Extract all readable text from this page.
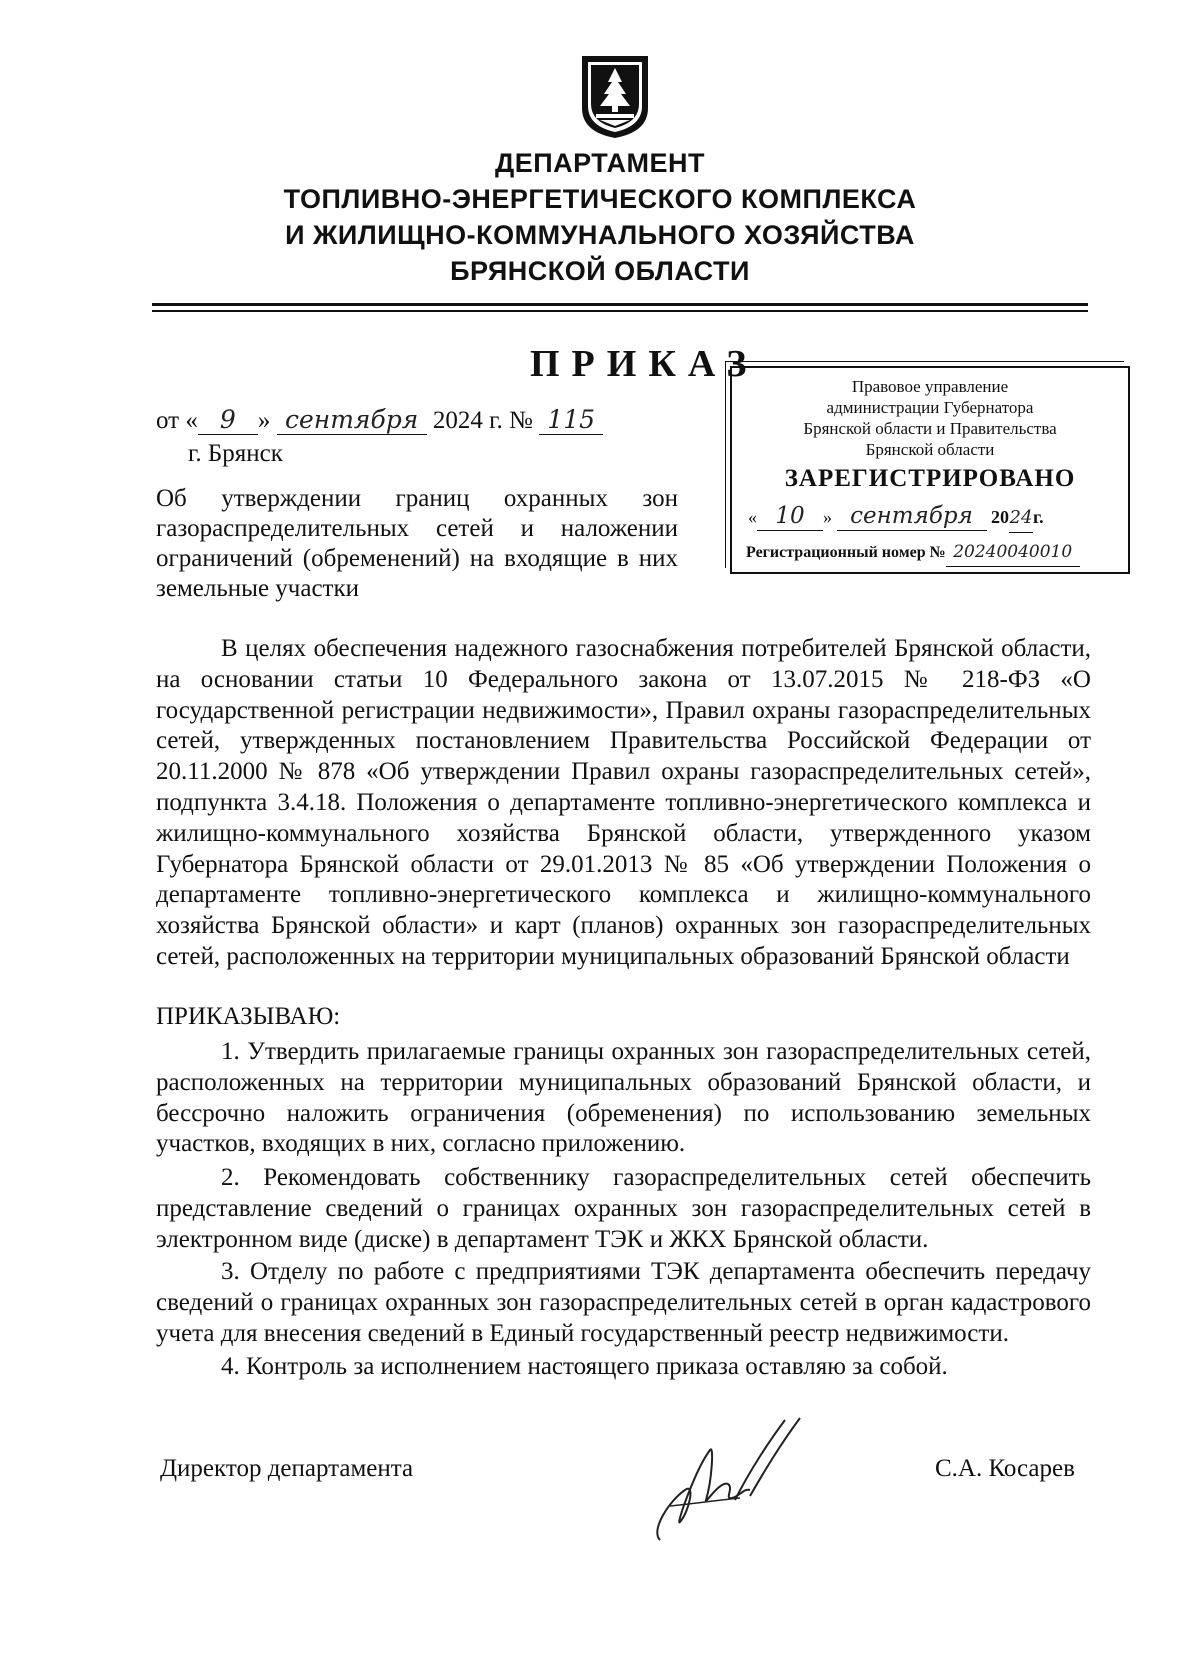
ДЕПАРТАМЕНТ
ТОПЛИВНО-ЭНЕРГЕТИЧЕСКОГО КОМПЛЕКСА
И ЖИЛИЩНО-КОММУНАЛЬНОГО ХОЗЯЙСТВА
БРЯНСКОЙ ОБЛАСТИ
ПРИКАЗ
от « 9 » сентября 2024 г. № 115
г. Брянск
Об утверждении границ охранных зон газораспределительных сетей и наложении ограничений (обременений) на входящие в них земельные участки
Правовое управление
администрации Губернатора
Брянской области и Правительства
Брянской области
ЗАРЕГИСТРИРОВАНО
« 10 » сентября 2024г.
Регистрационный номер № 20240040010
В целях обеспечения надежного газоснабжения потребителей Брянской области, на основании статьи 10 Федерального закона от 13.07.2015 № 218-ФЗ «О государственной регистрации недвижимости», Правил охраны газораспределительных сетей, утвержденных постановлением Правительства Российской Федерации от 20.11.2000 № 878 «Об утверждении Правил охраны газораспределительных сетей», подпункта 3.4.18. Положения о департаменте топливно-энергетического комплекса и жилищно-коммунального хозяйства Брянской области, утвержденного указом Губернатора Брянской области от 29.01.2013 № 85 «Об утверждении Положения о департаменте топливно-энергетического комплекса и жилищно-коммунального хозяйства Брянской области» и карт (планов) охранных зон газораспределительных сетей, расположенных на территории муниципальных образований Брянской области
ПРИКАЗЫВАЮ:
1. Утвердить прилагаемые границы охранных зон газораспределительных сетей, расположенных на территории муниципальных образований Брянской области, и бессрочно наложить ограничения (обременения) по использованию земельных участков, входящих в них, согласно приложению.
2. Рекомендовать собственнику газораспределительных сетей обеспечить представление сведений о границах охранных зон газораспределительных сетей в электронном виде (диске) в департамент ТЭК и ЖКХ Брянской области.
3. Отделу по работе с предприятиями ТЭК департамента обеспечить передачу сведений о границах охранных зон газораспределительных сетей в орган кадастрового учета для внесения сведений в Единый государственный реестр недвижимости.
4. Контроль за исполнением настоящего приказа оставляю за собой.
Директор департамента	С.А. Косарев
